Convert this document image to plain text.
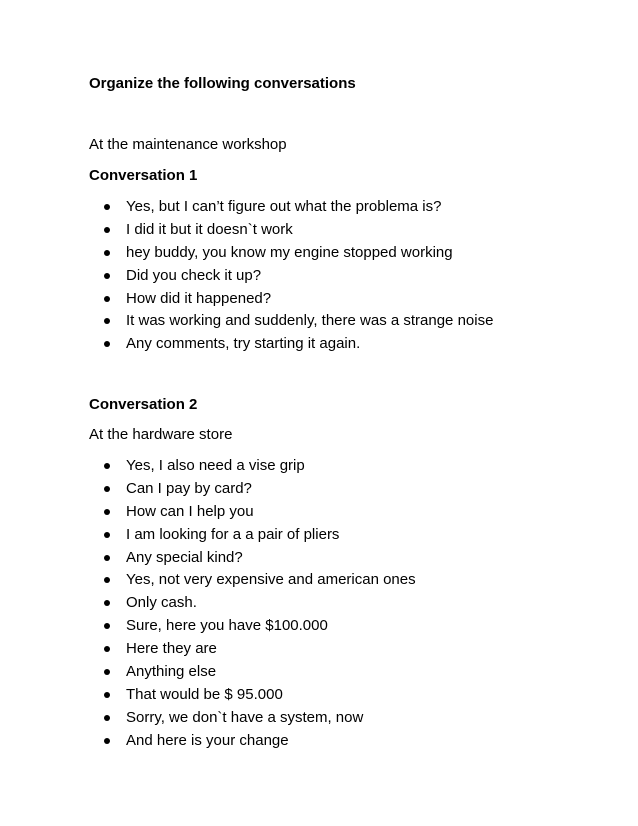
Organize the following conversations
At the maintenance workshop
Conversation 1
Yes, but I can’t figure out what the problema is?
I did it but it doesn`t work
hey buddy, you know my engine stopped working
Did you check it up?
How did it happened?
It was working and suddenly, there was a strange noise
Any comments, try starting it again.
Conversation 2
At the hardware store
Yes, I also need a vise grip
Can I pay by card?
How can I help you
I am looking for a a pair of pliers
Any special kind?
Yes, not very expensive and american ones
Only cash.
Sure, here you have $100.000
Here they are
Anything else
That would be $ 95.000
Sorry, we don`t have a system, now
And here is your change
